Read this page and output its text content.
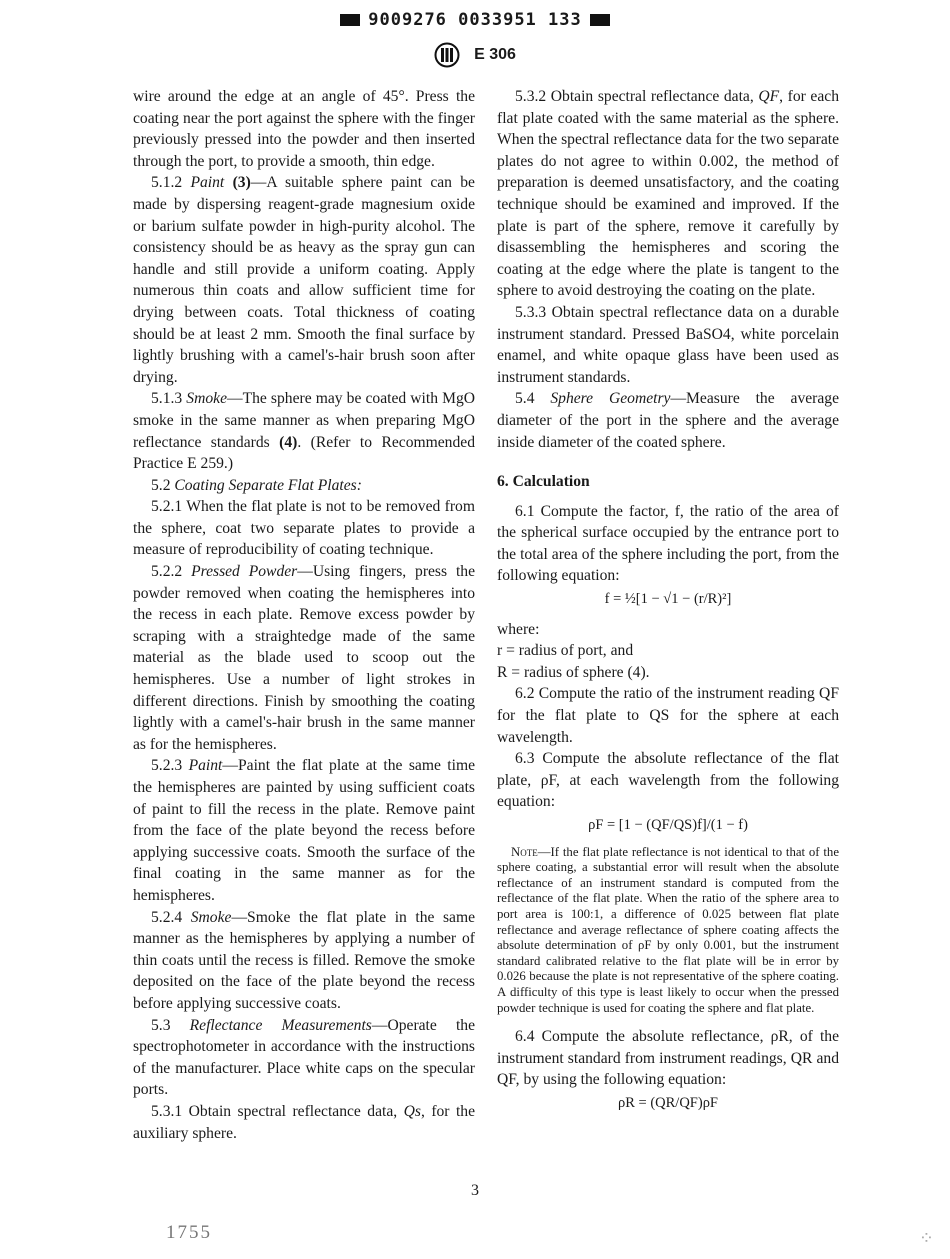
9009276 0033951 133
E 306

wire around the edge at an angle of 45°. Press the coating near the port against the sphere with the finger previously pressed into the powder and then inserted through the port, to provide a smooth, thin edge.

5.1.2 Paint (3)—A suitable sphere paint can be made by dispersing reagent-grade magnesium oxide or barium sulfate powder in high-purity alcohol. The consistency should be as heavy as the spray gun can handle and still provide a uniform coating. Apply numerous thin coats and allow sufficient time for drying between coats. Total thickness of coating should be at least 2 mm. Smooth the final surface by lightly brushing with a camel's-hair brush soon after drying.

5.1.3 Smoke—The sphere may be coated with MgO smoke in the same manner as when preparing MgO reflectance standards (4). (Refer to Recommended Practice E 259.)

5.2 Coating Separate Flat Plates:

5.2.1 When the flat plate is not to be removed from the sphere, coat two separate plates to provide a measure of reproducibility of coating technique.

5.2.2 Pressed Powder—Using fingers, press the powder removed when coating the hemispheres into the recess in each plate. Remove excess powder by scraping with a straightedge made of the same material as the blade used to scoop out the hemispheres. Use a number of light strokes in different directions. Finish by smoothing the coating lightly with a camel's-hair brush in the same manner as for the hemispheres.

5.2.3 Paint—Paint the flat plate at the same time the hemispheres are painted by using sufficient coats of paint to fill the recess in the plate. Remove paint from the face of the plate beyond the recess before applying successive coats. Smooth the surface of the final coating in the same manner as for the hemispheres.

5.2.4 Smoke—Smoke the flat plate in the same manner as the hemispheres by applying a number of thin coats until the recess is filled. Remove the smoke deposited on the face of the plate beyond the recess before applying successive coats.

5.3 Reflectance Measurements—Operate the spectrophotometer in accordance with the instructions of the manufacturer. Place white caps on the specular ports.

5.3.1 Obtain spectral reflectance data, Qs, for the auxiliary sphere.

5.3.2 Obtain spectral reflectance data, QF, for each flat plate coated with the same material as the sphere. When the spectral reflectance data for the two separate plates do not agree to within 0.002, the method of preparation is deemed unsatisfactory, and the coating technique should be examined and improved. If the plate is part of the sphere, remove it carefully by disassembling the hemispheres and scoring the coating at the edge where the plate is tangent to the sphere to avoid destroying the coating on the plate.

5.3.3 Obtain spectral reflectance data on a durable instrument standard. Pressed BaSO4, white porcelain enamel, and white opaque glass have been used as instrument standards.

5.4 Sphere Geometry—Measure the average diameter of the port in the sphere and the average inside diameter of the coated sphere.

6. Calculation

6.1 Compute the factor, f, the ratio of the area of the spherical surface occupied by the entrance port to the total area of the sphere including the port, from the following equation:

f = ½[1 − √1 − (r/R)²]

where:

r = radius of port, and

R = radius of sphere (4).

6.2 Compute the ratio of the instrument reading QF for the flat plate to QS for the sphere at each wavelength.

6.3 Compute the absolute reflectance of the flat plate, ρF, at each wavelength from the following equation:

ρF = [1 − (QF/QS)f]/(1 − f)

Note—If the flat plate reflectance is not identical to that of the sphere coating, a substantial error will result when the absolute reflectance of an instrument standard is computed from the reflectance of the flat plate. When the ratio of the sphere area to port area is 100:1, a difference of 0.025 between flat plate reflectance and average reflectance of sphere coating affects the absolute determination of ρF by only 0.001, but the instrument standard calibrated relative to the flat plate will be in error by 0.026 because the plate is not representative of the sphere coating. A difficulty of this type is least likely to occur when the pressed powder technique is used for coating the sphere and flat plate.

6.4 Compute the absolute reflectance, ρR, of the instrument standard from instrument readings, QR and QF, by using the following equation:

ρR = (QR/QF)ρF

3
1755	⁘
